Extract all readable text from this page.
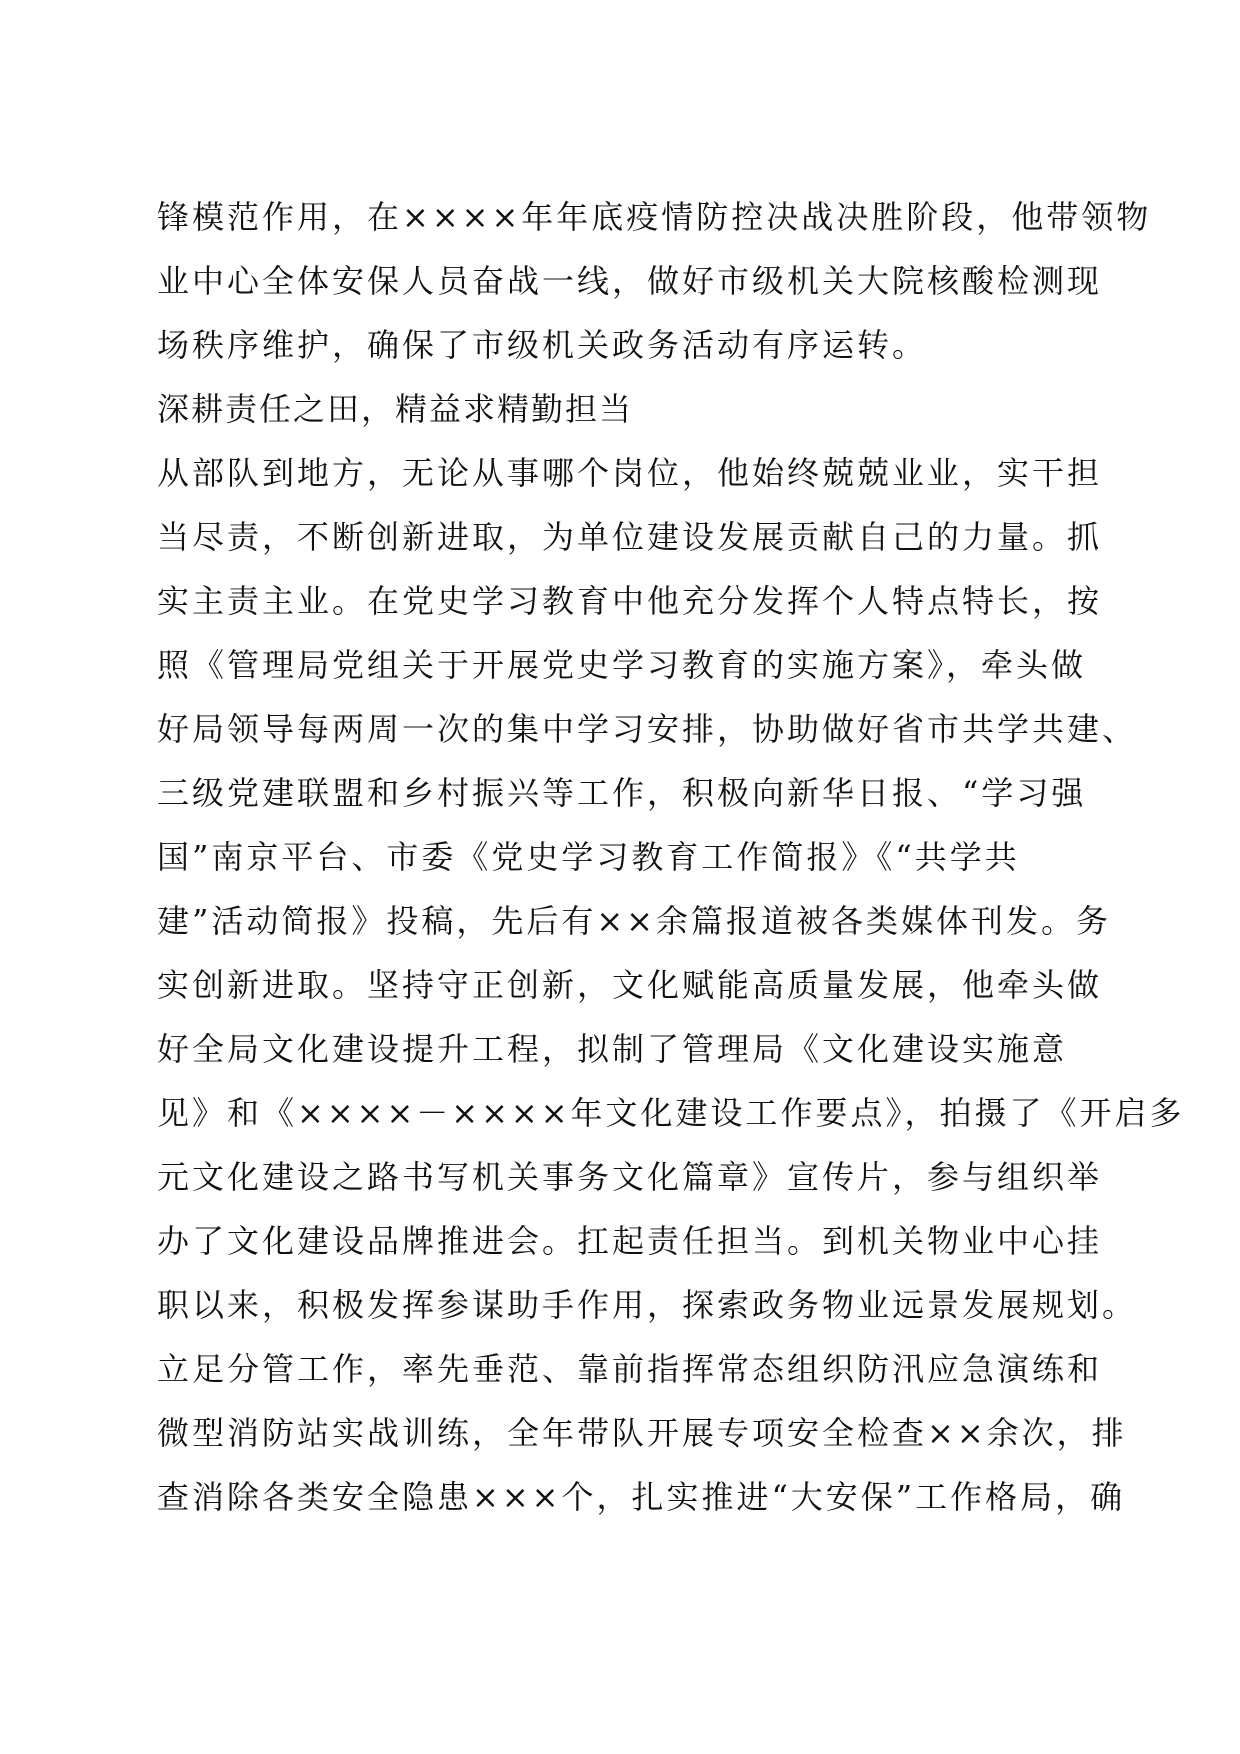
锋模范作用，在××××年年底疫情防控决战决胜阶段，他带领物
业中心全体安保人员奋战一线，做好市级机关大院核酸检测现
场秩序维护，确保了市级机关政务活动有序运转。
深耕责任之田，精益求精勤担当
从部队到地方，无论从事哪个岗位，他始终兢兢业业，实干担
当尽责，不断创新进取，为单位建设发展贡献自己的力量。抓
实主责主业。在党史学习教育中他充分发挥个人特点特长，按
照《管理局党组关于开展党史学习教育的实施方案》，牵头做
好局领导每两周一次的集中学习安排，协助做好省市共学共建、
三级党建联盟和乡村振兴等工作，积极向新华日报、“学习强
国”南京平台、市委《党史学习教育工作简报》《“共学共
建”活动简报》投稿，先后有××余篇报道被各类媒体刊发。务
实创新进取。坚持守正创新，文化赋能高质量发展，他牵头做
好全局文化建设提升工程，拟制了管理局《文化建设实施意
见》和《××××－××××年文化建设工作要点》，拍摄了《开启多
元文化建设之路书写机关事务文化篇章》宣传片，参与组织举
办了文化建设品牌推进会。扛起责任担当。到机关物业中心挂
职以来，积极发挥参谋助手作用，探索政务物业远景发展规划。
立足分管工作，率先垂范、靠前指挥常态组织防汛应急演练和
微型消防站实战训练，全年带队开展专项安全检查××余次，排
查消除各类安全隐患×××个，扎实推进“大安保”工作格局，确
